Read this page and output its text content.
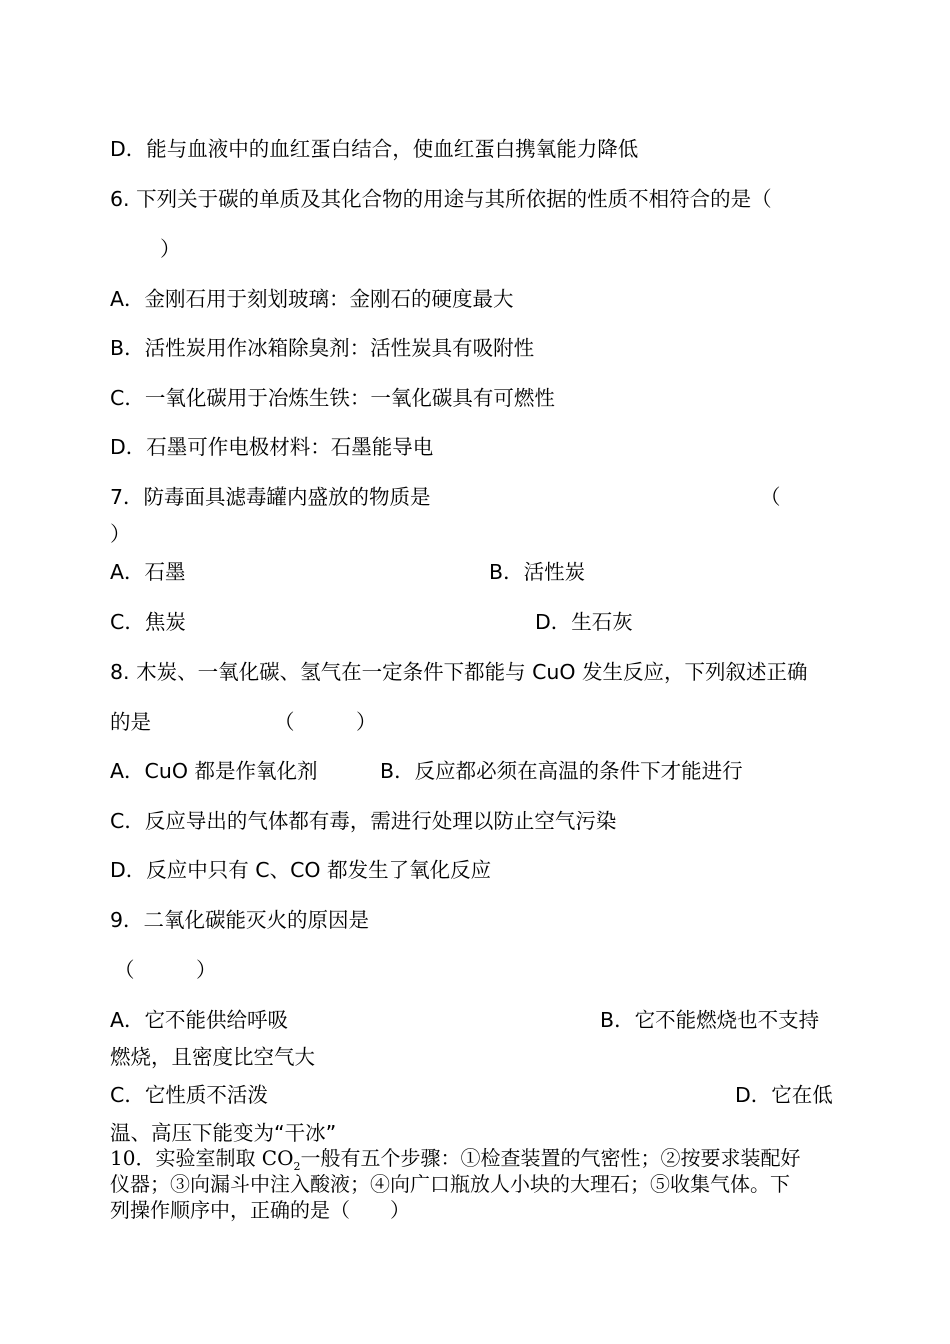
D．能与血液中的血红蛋白结合，使血红蛋白携氧能力降低
6. 下列关于碳的单质及其化合物的用途与其所依据的性质不相符合的是（
）
A．金刚石用于刻划玻璃：金刚石的硬度最大
B．活性炭用作冰箱除臭剂：活性炭具有吸附性
C．一氧化碳用于冶炼生铁：一氧化碳具有可燃性
D．石墨可作电极材料：石墨能导电
7．防毒面具滤毒罐内盛放的物质是	（
）
A．石墨	B．活性炭
C．焦炭	D．生石灰
8. 木炭、一氧化碳、氢气在一定条件下都能与 CuO 发生反应，下列叙述正确
的是	（　　　）
A．CuO 都是作氧化剂	B．反应都必须在高温的条件下才能进行
C．反应导出的气体都有毒，需进行处理以防止空气污染
D．反应中只有 C、CO 都发生了氧化反应
9．二氧化碳能灭火的原因是
（　　　）
A．它不能供给呼吸	B．它不能燃烧也不支持
燃烧，且密度比空气大
C．它性质不活泼	D．它在低
温、高压下能变为“干冰”
10．实验室制取 $CO_2$一般有五个步骤：①检查装置的气密性；②按要求装配好
仪器；③向漏斗中注入酸液；④向广口瓶放人小块的大理石；⑤收集气体。下
列操作顺序中，正确的是（　　）
